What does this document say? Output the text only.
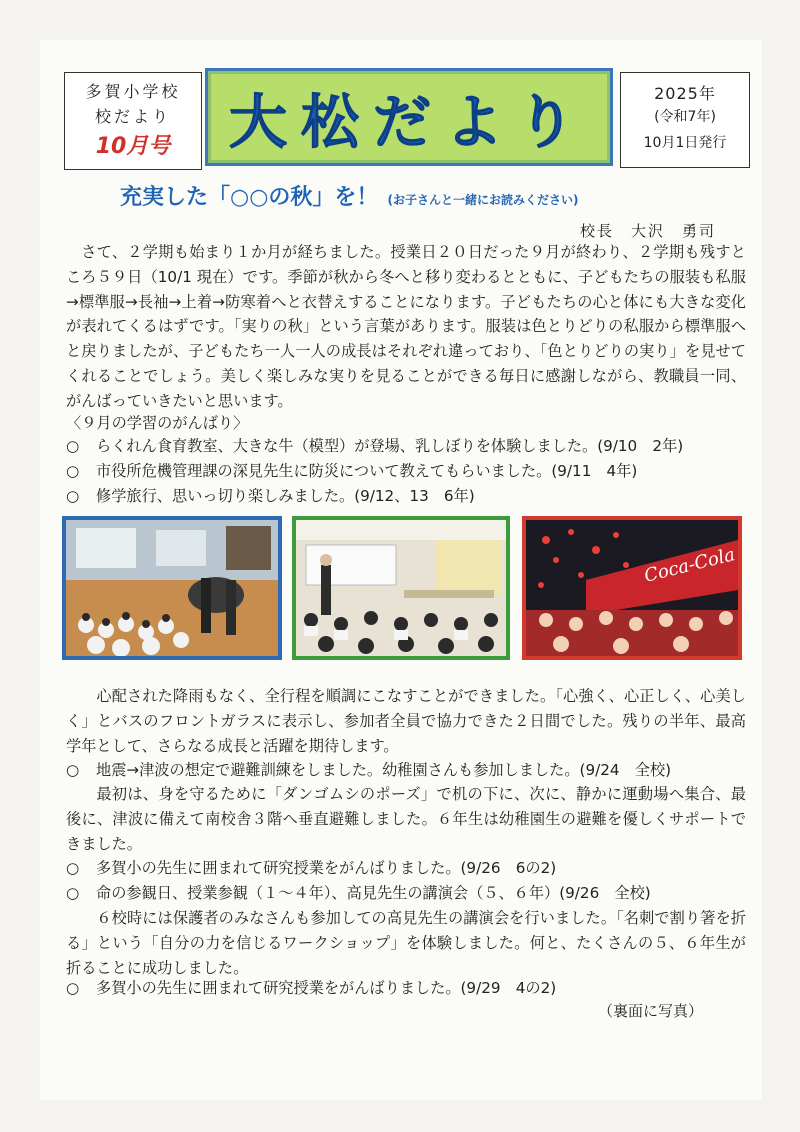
多賀小学校
校だより
10月号	大松だより	2025年
(令和7年)
10月1日発行
充実した「○○の秋」を！ (お子さんと一緒にお読みください)
校長　大沢　勇司

さて、２学期も始まり１か月が経ちました。授業日２０日だった９月が終わり、２学期も残すところ５９日（10/1 現在）です。季節が秋から冬へと移り変わるとともに、子どもたちの服装も私服→標準服→長袖→上着→防寒着へと衣替えすることになります。子どもたちの心と体にも大きな変化が表れてくるはずです。「実りの秋」という言葉があります。服装は色とりどりの私服から標準服へと戻りましたが、子どもたち一人一人の成長はそれぞれ違っており、「色とりどりの実り」を見せてくれることでしょう。美しく楽しみな実りを見ることができる毎日に感謝しながら、教職員一同、がんばっていきたいと思います。

〈９月の学習のがんばり〉
○	らくれん食育教室、大きな牛（模型）が登場、乳しぼりを体験しました。(9/10　2年)
○	市役所危機管理課の深見先生に防災について教えてもらいました。(9/11　4年)
○	修学旅行、思いっ切り楽しみました。(9/12、13　6年)
Coca-Cola

心配された降雨もなく、全行程を順調にこなすことができました。「心強く、心正しく、心美しく」とバスのフロントガラスに表示し、参加者全員で協力できた２日間でした。残りの半年、最高学年として、さらなる成長と活躍を期待します。

○	地震→津波の想定で避難訓練をしました。幼稚園さんも参加しました。(9/24　全校)

最初は、身を守るために「ダンゴムシのポーズ」で机の下に、次に、静かに運動場へ集合、最後に、津波に備えて南校舎３階へ垂直避難しました。６年生は幼稚園生の避難を優しくサポートできました。

○	多賀小の先生に囲まれて研究授業をがんばりました。(9/26　6の2)
○	命の参観日、授業参観（１～４年）、高見先生の講演会（５、６年）(9/26　全校)

６校時には保護者のみなさんも参加しての高見先生の講演会を行いました。「名刺で割り箸を折る」という「自分の力を信じるワークショップ」を体験しました。何と、たくさんの５、６年生が折ることに成功しました。

○	多賀小の先生に囲まれて研究授業をがんばりました。(9/29　4の2)
（裏面に写真）
